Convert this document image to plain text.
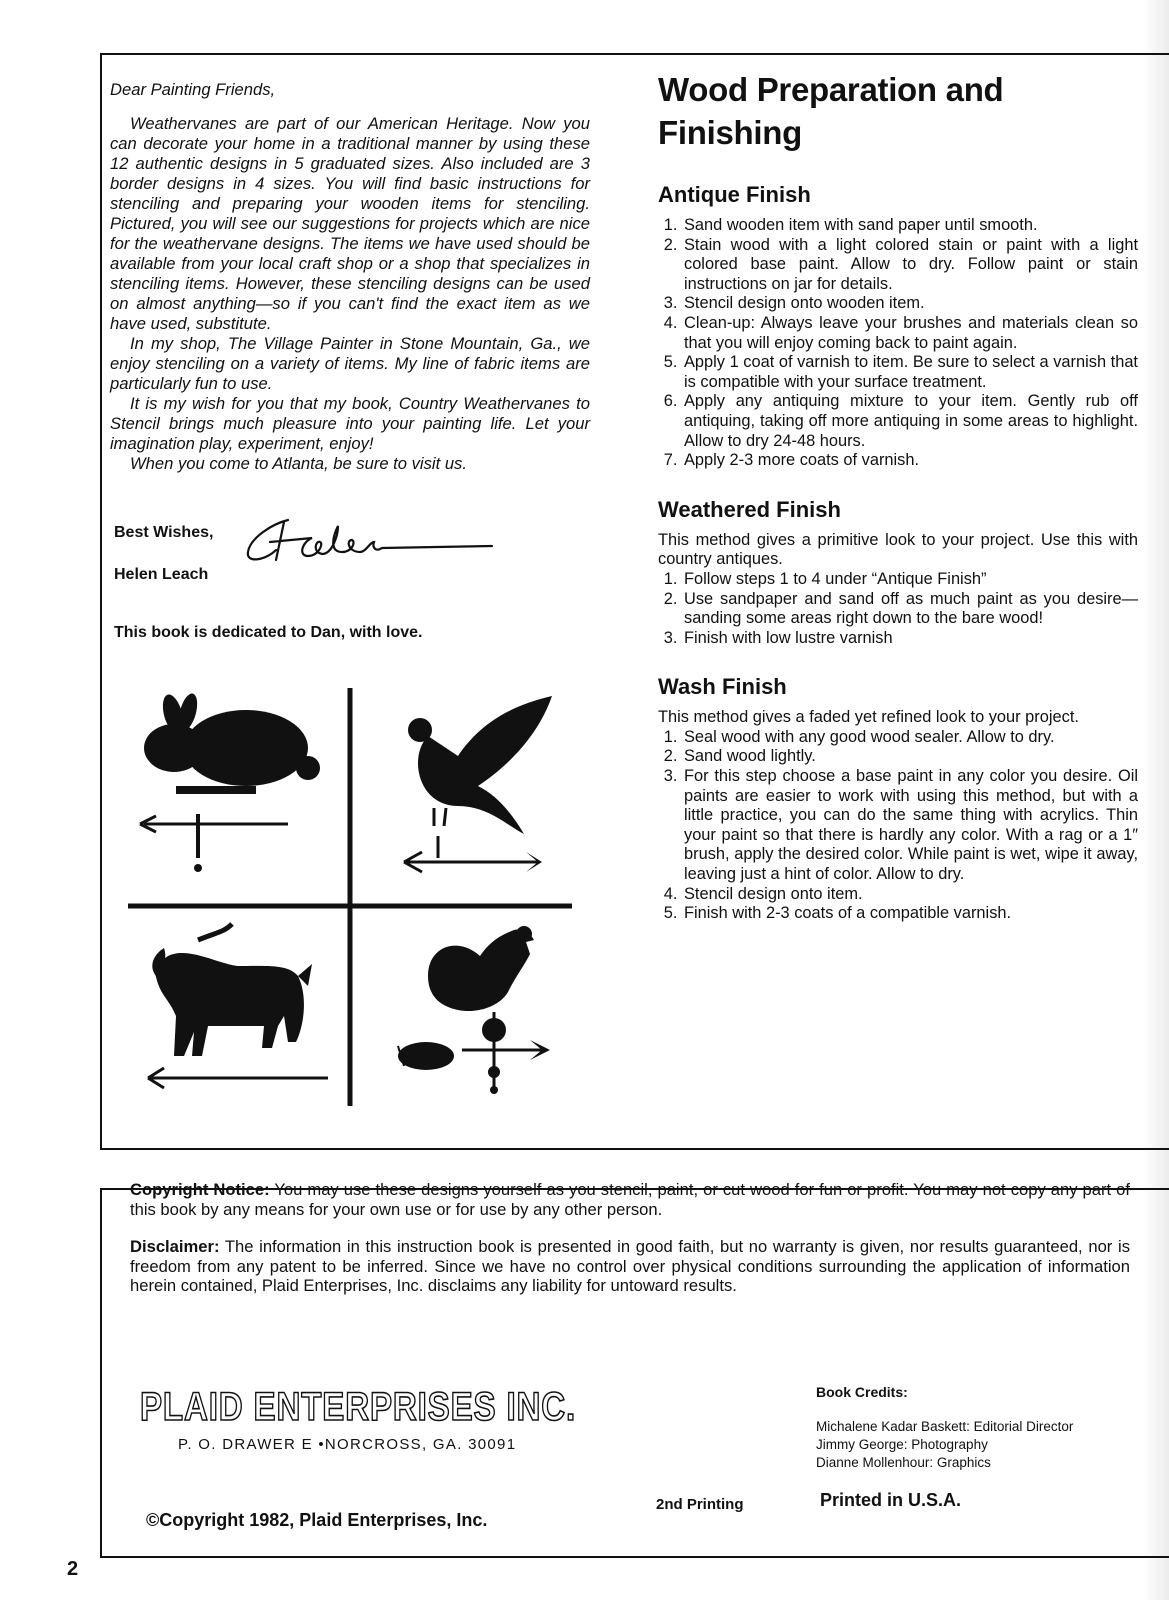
Dear Painting Friends,

Weathervanes are part of our American Heritage. Now you can decorate your home in a traditional manner by using these 12 authentic designs in 5 graduated sizes. Also included are 3 border designs in 4 sizes. You will find basic instructions for stenciling and preparing your wooden items for stenciling. Pictured, you will see our suggestions for projects which are nice for the weathervane designs. The items we have used should be available from your local craft shop or a shop that specializes in stenciling items. However, these stenciling designs can be used on almost anything—so if you can't find the exact item as we have used, substitute.

In my shop, The Village Painter in Stone Mountain, Ga., we enjoy stenciling on a variety of items. My line of fabric items are particularly fun to use.

It is my wish for you that my book, Country Weathervanes to Stencil brings much pleasure into your painting life. Let your imagination play, experiment, enjoy!

When you come to Atlanta, be sure to visit us.

Best Wishes,
Helen Leach
This book is dedicated to Dan, with love.
Wood Preparation and Finishing
Antique Finish
1. Sand wooden item with sand paper until smooth.
2. Stain wood with a light colored stain or paint with a light colored base paint. Allow to dry. Follow paint or stain instructions on jar for details.
3. Stencil design onto wooden item.
4. Clean-up: Always leave your brushes and materials clean so that you will enjoy coming back to paint again.
5. Apply 1 coat of varnish to item. Be sure to select a varnish that is compatible with your surface treatment.
6. Apply any antiquing mixture to your item. Gently rub off antiquing, taking off more antiquing in some areas to highlight. Allow to dry 24-48 hours.
7. Apply 2-3 more coats of varnish.
Weathered Finish

This method gives a primitive look to your project. Use this with country antiques.

1. Follow steps 1 to 4 under “Antique Finish”
2. Use sandpaper and sand off as much paint as you desire—sanding some areas right down to the bare wood!
3. Finish with low lustre varnish
Wash Finish

This method gives a faded yet refined look to your project.

1. Seal wood with any good wood sealer. Allow to dry.
2. Sand wood lightly.
3. For this step choose a base paint in any color you desire. Oil paints are easier to work with using this method, but with a little practice, you can do the same thing with acrylics. Thin your paint so that there is hardly any color. With a rag or a 1″ brush, apply the desired color. While paint is wet, wipe it away, leaving just a hint of color. Allow to dry.
4. Stencil design onto item.
5. Finish with 2-3 coats of a compatible varnish.

Copyright Notice: You may use these designs yourself as you stencil, paint, or cut wood for fun or profit. You may not copy any part of this book by any means for your own use or for use by any other person.

Disclaimer: The information in this instruction book is presented in good faith, but no warranty is given, nor results guaranteed, nor is freedom from any patent to be inferred. Since we have no control over physical conditions surrounding the application of information herein contained, Plaid Enterprises, Inc. disclaims any liability for untoward results.

PLAID ENTERPRISES INC.
P. O. DRAWER E •NORCROSS, GA. 30091
©Copyright 1982, Plaid Enterprises, Inc.
2nd Printing
Book Credits:
Michalene Kadar Baskett: Editorial Director
Jimmy George: Photography
Dianne Mollenhour: Graphics
Printed in U.S.A.
2
